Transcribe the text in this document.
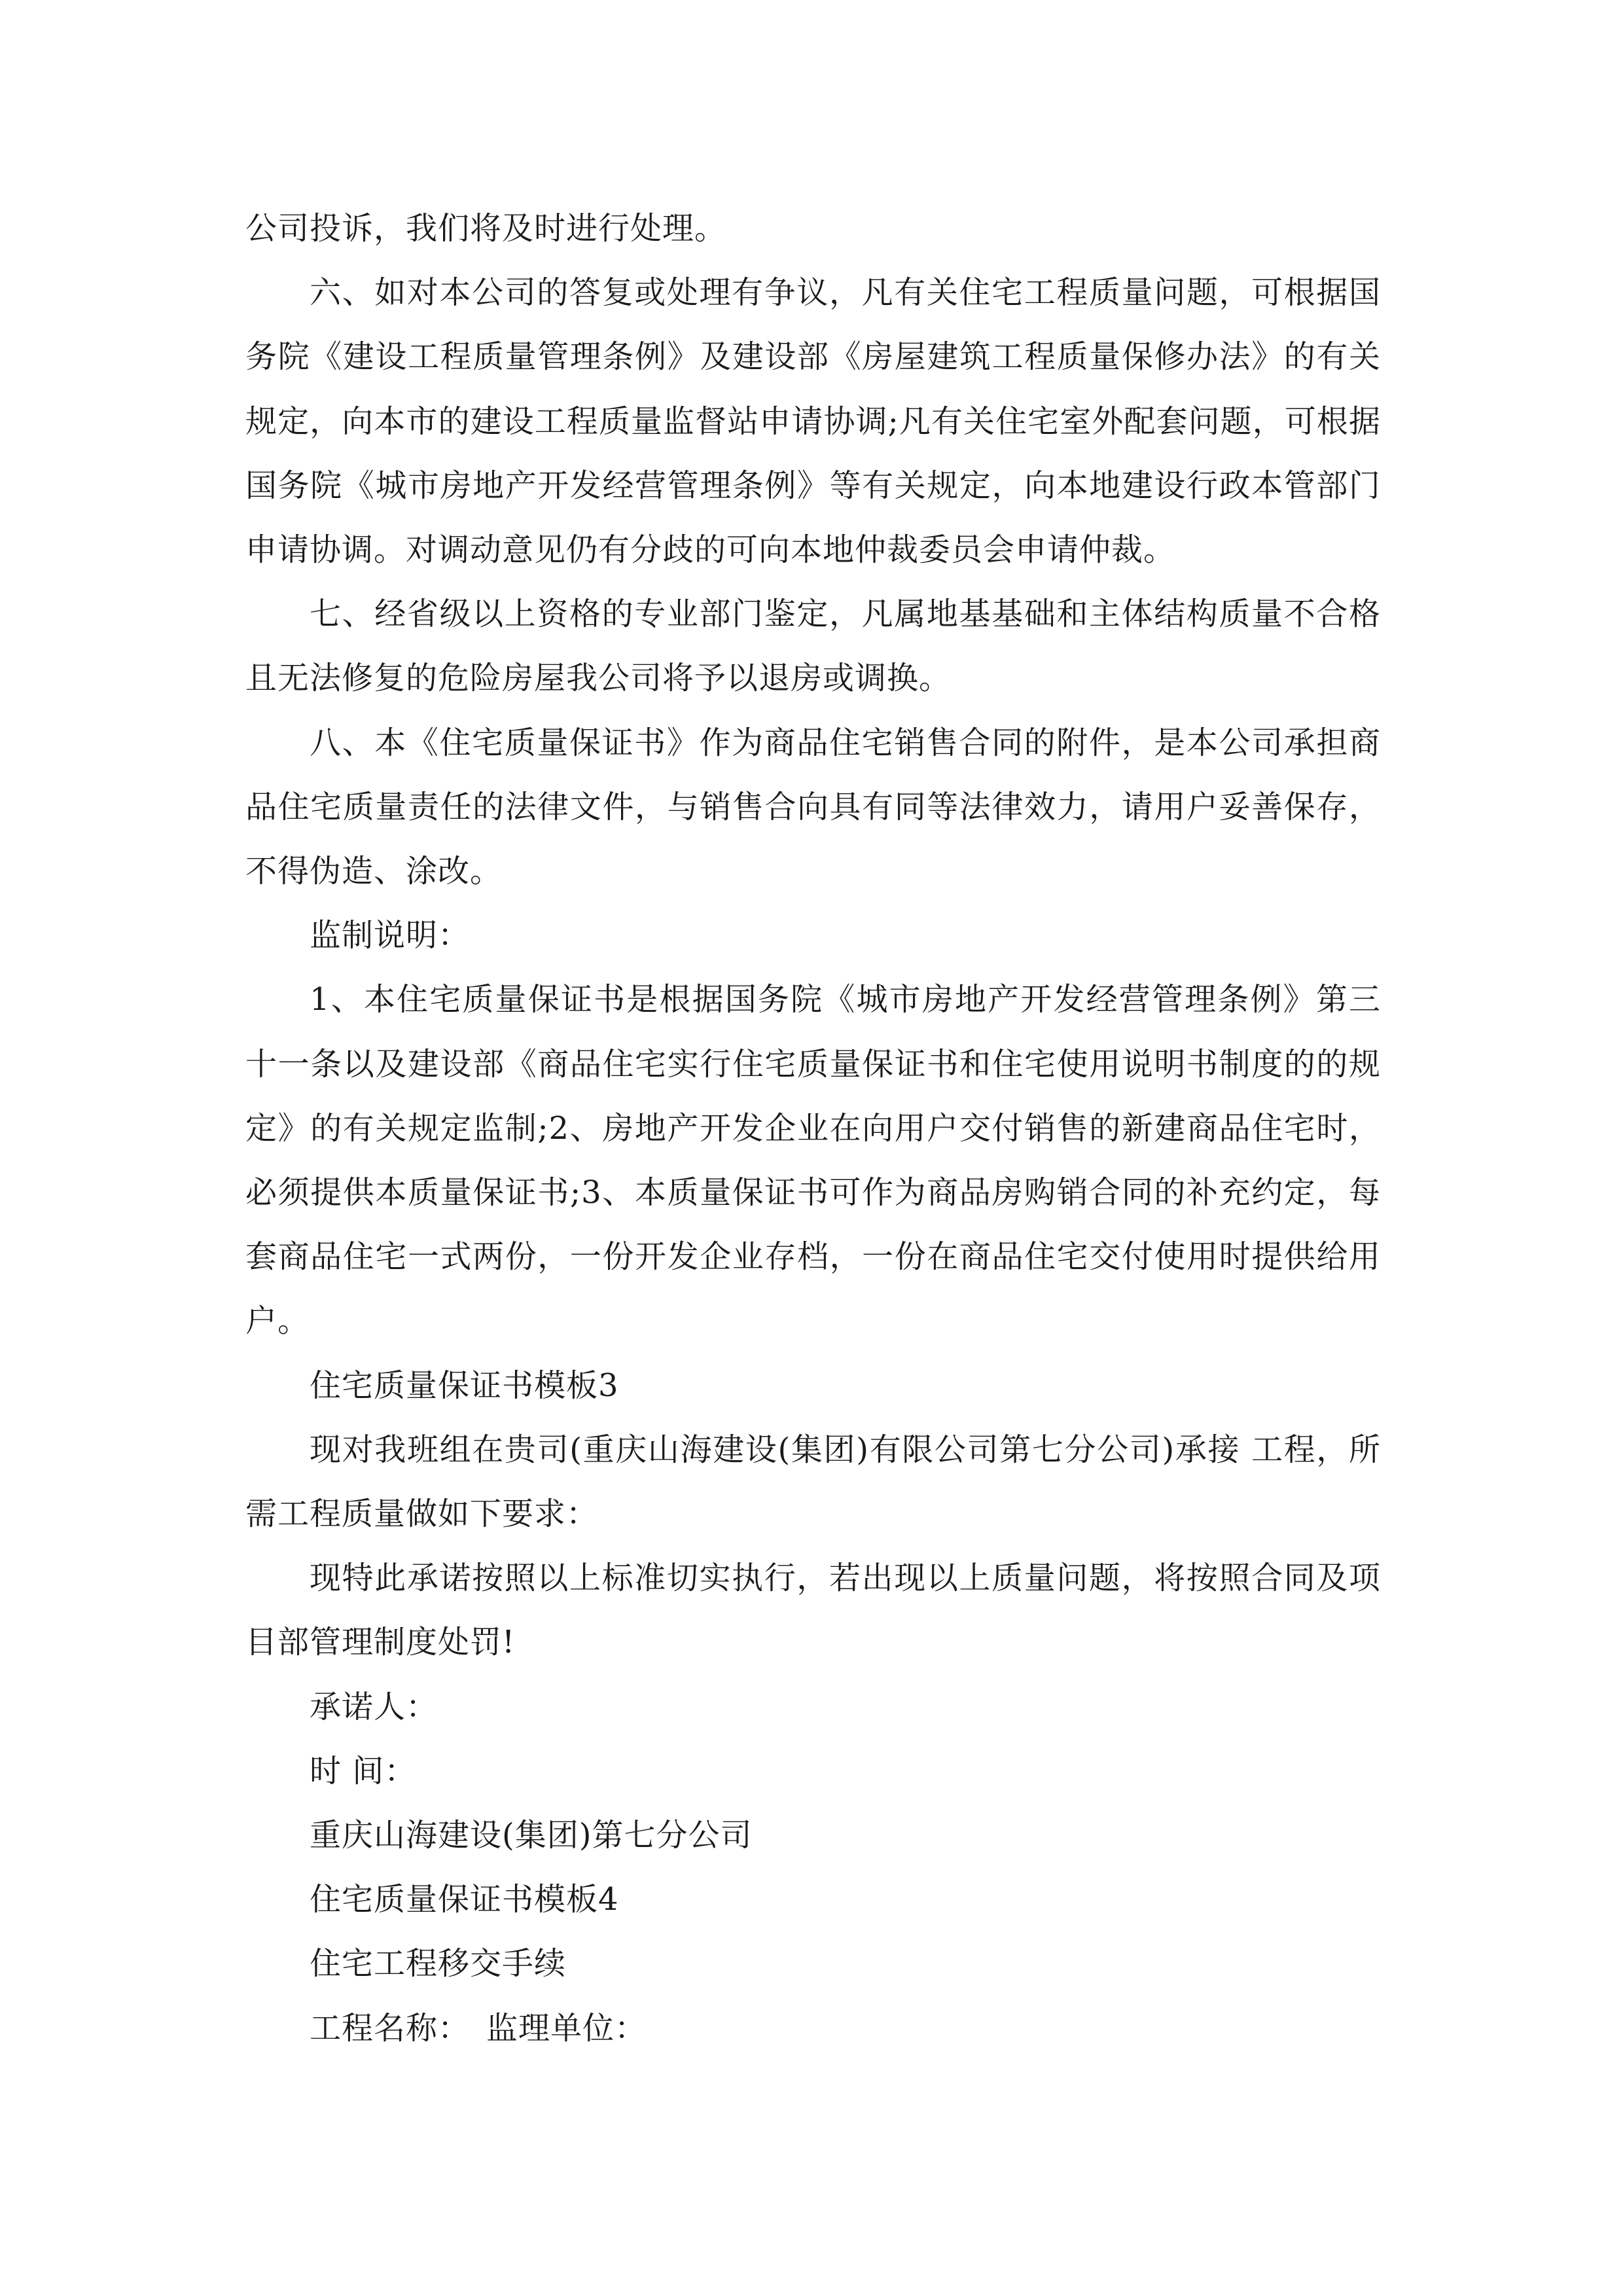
公司投诉，我们将及时进行处理。

六、如对本公司的答复或处理有争议，凡有关住宅工程质量问题，可根据国务院《建设工程质量管理条例》及建设部《房屋建筑工程质量保修办法》的有关规定，向本市的建设工程质量监督站申请协调;凡有关住宅室外配套问题，可根据国务院《城市房地产开发经营管理条例》等有关规定，向本地建设行政本管部门申请协调。对调动意见仍有分歧的可向本地仲裁委员会申请仲裁。

七、经省级以上资格的专业部门鉴定，凡属地基基础和主体结构质量不合格且无法修复的危险房屋我公司将予以退房或调换。

八、本《住宅质量保证书》作为商品住宅销售合同的附件，是本公司承担商品住宅质量责任的法律文件，与销售合向具有同等法律效力，请用户妥善保存，不得伪造、涂改。

监制说明：

1、本住宅质量保证书是根据国务院《城市房地产开发经营管理条例》第三十一条以及建设部《商品住宅实行住宅质量保证书和住宅使用说明书制度的的规定》的有关规定监制;2、房地产开发企业在向用户交付销售的新建商品住宅时，必须提供本质量保证书;3、本质量保证书可作为商品房购销合同的补充约定，每套商品住宅一式两份，一份开发企业存档，一份在商品住宅交付使用时提供给用户。

住宅质量保证书模板3

现对我班组在贵司(重庆山海建设(集团)有限公司第七分公司)承接 工程，所需工程质量做如下要求：

现特此承诺按照以上标准切实执行，若出现以上质量问题，将按照合同及项目部管理制度处罚!

承诺人：

时 间：

重庆山海建设(集团)第七分公司

住宅质量保证书模板4

住宅工程移交手续

工程名称：　监理单位：
